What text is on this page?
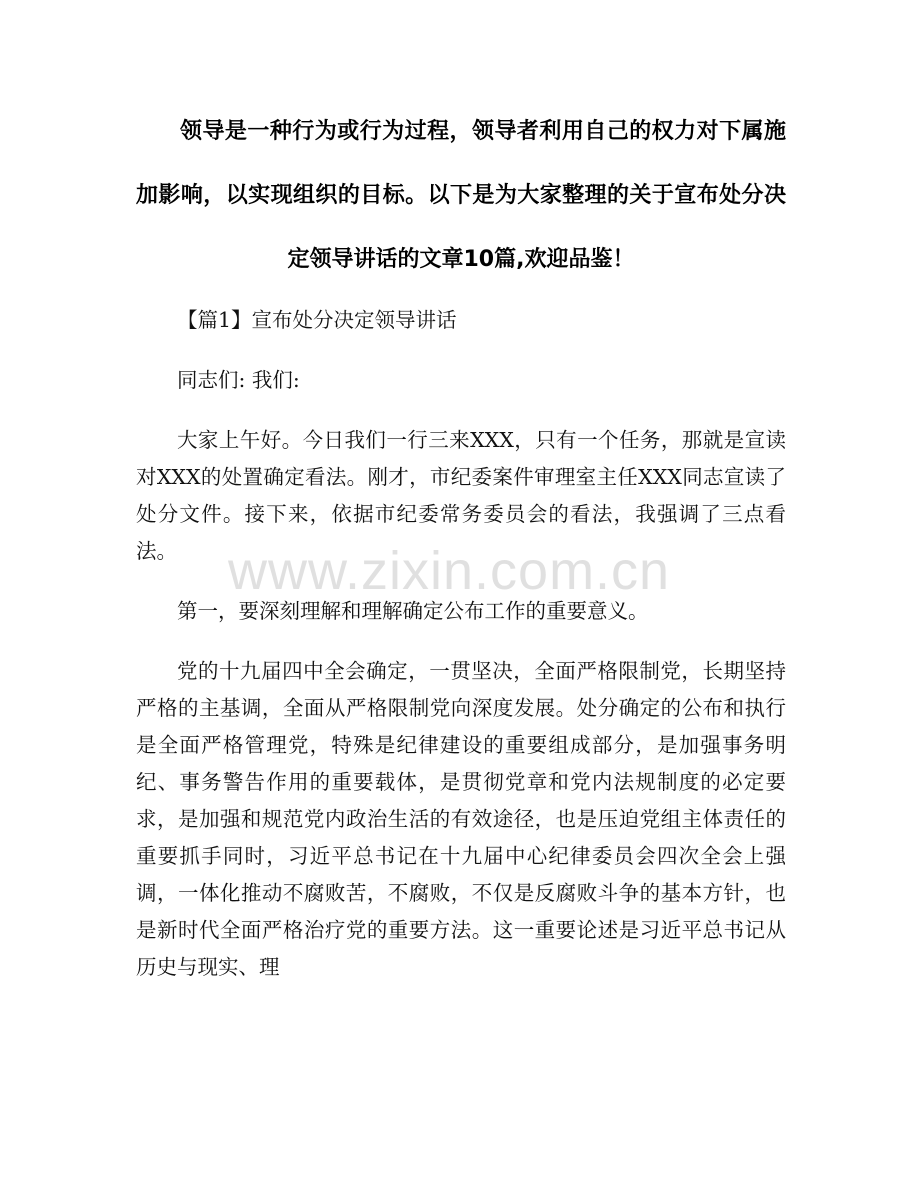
领导是一种行为或行为过程，领导者利用自己的权力对下属施加影响，以实现组织的目标。以下是为大家整理的关于宣布处分决定领导讲话的文章10篇,欢迎品鉴！

【篇1】宣布处分决定领导讲话

同志们: 我们:

大家上午好。今日我们一行三来XXX，只有一个任务，那就是宣读对XXX的处置确定看法。刚才，市纪委案件审理室主任XXX同志宣读了处分文件。接下来，依据市纪委常务委员会的看法，我强调了三点看法。

第一，要深刻理解和理解确定公布工作的重要意义。

党的十九届四中全会确定，一贯坚决，全面严格限制党，长期坚持严格的主基调，全面从严格限制党向深度发展。处分确定的公布和执行是全面严格管理党，特殊是纪律建设的重要组成部分，是加强事务明纪、事务警告作用的重要载体，是贯彻党章和党内法规制度的必定要求，是加强和规范党内政治生活的有效途径，也是压迫党组主体责任的重要抓手同时，习近平总书记在十九届中心纪律委员会四次全会上强调，一体化推动不腐败苦，不腐败，不仅是反腐败斗争的基本方针，也是新时代全面严格治疗党的重要方法。这一重要论述是习近平总书记从历史与现实、理

www.zixin.com.cn
